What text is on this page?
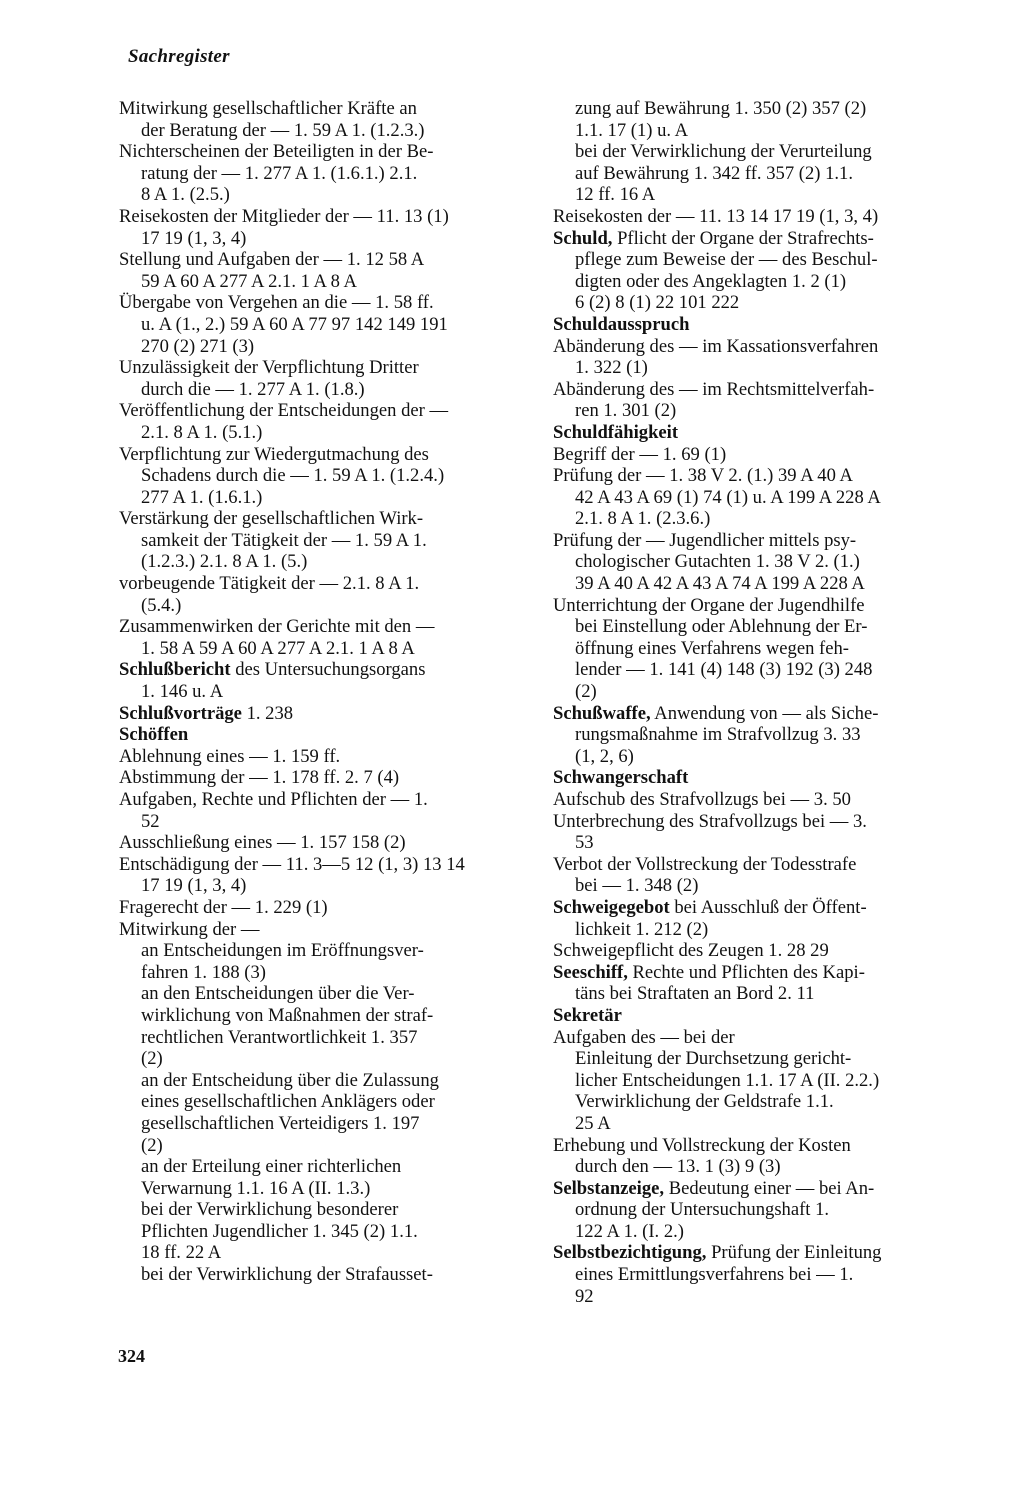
Sachregister
Mitwirkung gesellschaftlicher Kräfte an
der Beratung der — 1. 59 A 1. (1.2.3.)
Nichterscheinen der Beteiligten in der Be-
ratung der — 1. 277 A 1. (1.6.1.) 2.1.
8 A 1. (2.5.)
Reisekosten der Mitglieder der — 11. 13 (1)
17 19 (1, 3, 4)
Stellung und Aufgaben der — 1. 12 58 A
59 A 60 A 277 A 2.1. 1 A 8 A
Übergabe von Vergehen an die — 1. 58 ff.
u. A (1., 2.) 59 A 60 A 77 97 142 149 191
270 (2) 271 (3)
Unzulässigkeit der Verpflichtung Dritter
durch die — 1. 277 A 1. (1.8.)
Veröffentlichung der Entscheidungen der —
2.1. 8 A 1. (5.1.)
Verpflichtung zur Wiedergutmachung des
Schadens durch die — 1. 59 A 1. (1.2.4.)
277 A 1. (1.6.1.)
Verstärkung der gesellschaftlichen Wirk-
samkeit der Tätigkeit der — 1. 59 A 1.
(1.2.3.) 2.1. 8 A 1. (5.)
vorbeugende Tätigkeit der — 2.1. 8 A 1.
(5.4.)
Zusammenwirken der Gerichte mit den —
1. 58 A 59 A 60 A 277 A 2.1. 1 A 8 A
Schlußbericht des Untersuchungsorgans
1. 146 u. A
Schlußvorträge 1. 238
Schöffen
Ablehnung eines — 1. 159 ff.
Abstimmung der — 1. 178 ff. 2. 7 (4)
Aufgaben, Rechte und Pflichten der — 1.
52
Ausschließung eines — 1. 157 158 (2)
Entschädigung der — 11. 3—5 12 (1, 3) 13 14
17 19 (1, 3, 4)
Fragerecht der — 1. 229 (1)
Mitwirkung der —
an Entscheidungen im Eröffnungsver-
fahren 1. 188 (3)
an den Entscheidungen über die Ver-
wirklichung von Maßnahmen der straf-
rechtlichen Verantwortlichkeit 1. 357
(2)
an der Entscheidung über die Zulassung
eines gesellschaftlichen Anklägers oder
gesellschaftlichen Verteidigers 1. 197
(2)
an der Erteilung einer richterlichen
Verwarnung 1.1. 16 A (II. 1.3.)
bei der Verwirklichung besonderer
Pflichten Jugendlicher 1. 345 (2) 1.1.
18 ff. 22 A
bei der Verwirklichung der Strafausset-
zung auf Bewährung 1. 350 (2) 357 (2)
1.1. 17 (1) u. A
bei der Verwirklichung der Verurteilung
auf Bewährung 1. 342 ff. 357 (2) 1.1.
12 ff. 16 A
Reisekosten der — 11. 13 14 17 19 (1, 3, 4)
Schuld, Pflicht der Organe der Strafrechts-
pflege zum Beweise der — des Beschul-
digten oder des Angeklagten 1. 2 (1)
6 (2) 8 (1) 22 101 222
Schuldausspruch
Abänderung des — im Kassationsverfahren
1. 322 (1)
Abänderung des — im Rechtsmittelverfah-
ren 1. 301 (2)
Schuldfähigkeit
Begriff der — 1. 69 (1)
Prüfung der — 1. 38 V 2. (1.) 39 A 40 A
42 A 43 A 69 (1) 74 (1) u. A 199 A 228 A
2.1. 8 A 1. (2.3.6.)
Prüfung der — Jugendlicher mittels psy-
chologischer Gutachten 1. 38 V 2. (1.)
39 A 40 A 42 A 43 A 74 A 199 A 228 A
Unterrichtung der Organe der Jugendhilfe
bei Einstellung oder Ablehnung der Er-
öffnung eines Verfahrens wegen feh-
lender — 1. 141 (4) 148 (3) 192 (3) 248
(2)
Schußwaffe, Anwendung von — als Siche-
rungsmaßnahme im Strafvollzug 3. 33
(1, 2, 6)
Schwangerschaft
Aufschub des Strafvollzugs bei — 3. 50
Unterbrechung des Strafvollzugs bei — 3.
53
Verbot der Vollstreckung der Todesstrafe
bei — 1. 348 (2)
Schweigegebot bei Ausschluß der Öffent-
lichkeit 1. 212 (2)
Schweigepflicht des Zeugen 1. 28 29
Seeschiff, Rechte und Pflichten des Kapi-
täns bei Straftaten an Bord 2. 11
Sekretär
Aufgaben des — bei der
Einleitung der Durchsetzung gericht-
licher Entscheidungen 1.1. 17 A (II. 2.2.)
Verwirklichung der Geldstrafe 1.1.
25 A
Erhebung und Vollstreckung der Kosten
durch den — 13. 1 (3) 9 (3)
Selbstanzeige, Bedeutung einer — bei An-
ordnung der Untersuchungshaft 1.
122 A 1. (I. 2.)
Selbstbezichtigung, Prüfung der Einleitung
eines Ermittlungsverfahrens bei — 1.
92
324
